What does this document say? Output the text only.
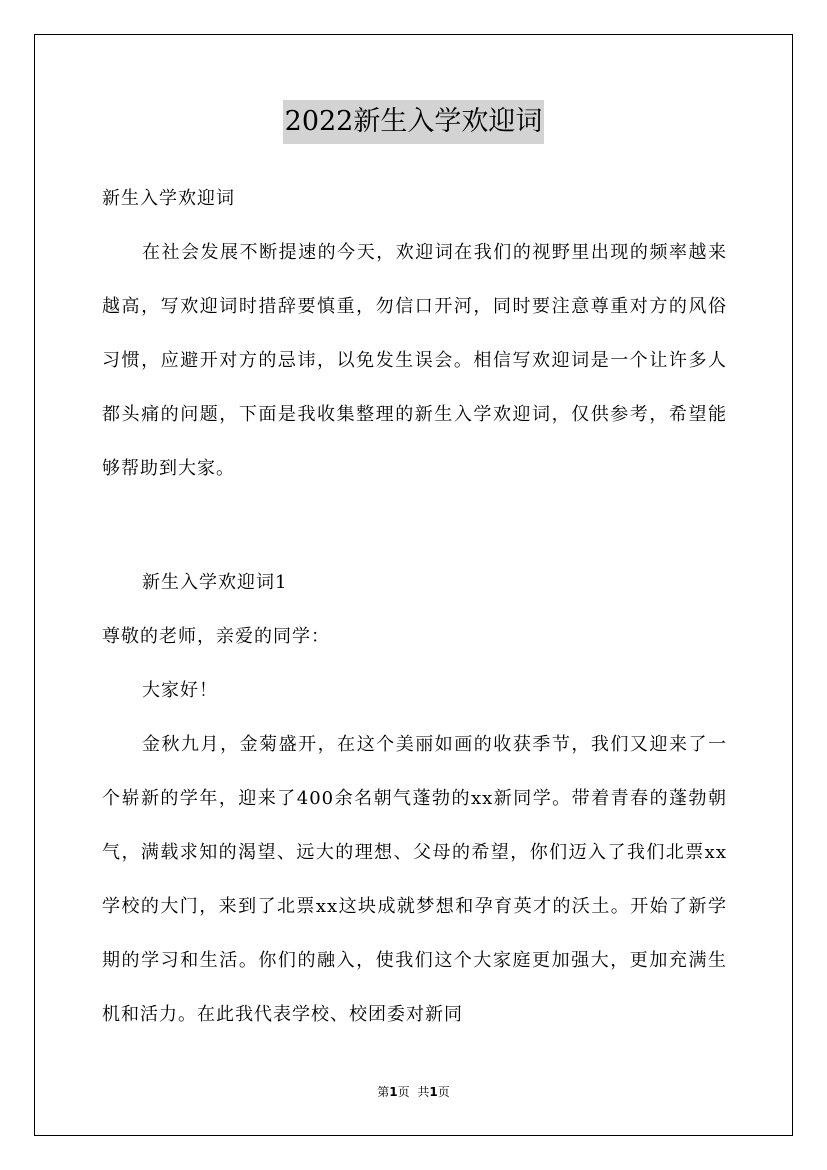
2022新生入学欢迎词

新生入学欢迎词

在社会发展不断提速的今天，欢迎词在我们的视野里出现的频率越来越高，写欢迎词时措辞要慎重，勿信口开河，同时要注意尊重对方的风俗习惯，应避开对方的忌讳，以免发生误会。相信写欢迎词是一个让许多人都头痛的问题，下面是我收集整理的新生入学欢迎词，仅供参考，希望能够帮助到大家。

新生入学欢迎词1

尊敬的老师，亲爱的同学：

大家好！

金秋九月，金菊盛开，在这个美丽如画的收获季节，我们又迎来了一个崭新的学年，迎来了400余名朝气蓬勃的xx新同学。带着青春的蓬勃朝气，满载求知的渴望、远大的理想、父母的希望，你们迈入了我们北票xx学校的大门，来到了北票xx这块成就梦想和孕育英才的沃土。开始了新学期的学习和生活。你们的融入，使我们这个大家庭更加强大，更加充满生机和活力。在此我代表学校、校团委对新同

第1页 共1页
